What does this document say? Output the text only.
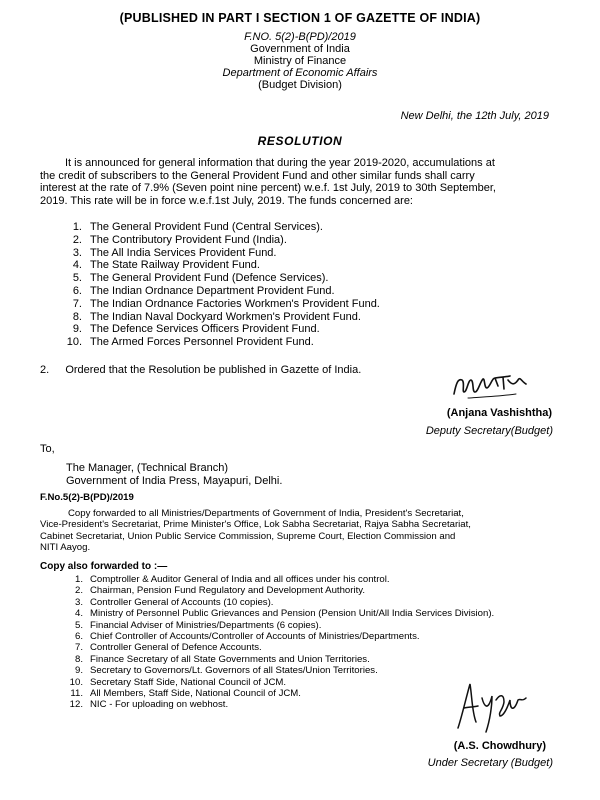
(PUBLISHED IN PART I SECTION 1 OF GAZETTE OF INDIA)
F.NO. 5(2)-B(PD)/2019
Government of India
Ministry of Finance
Department of Economic Affairs
(Budget Division)
New Delhi, the 12th July, 2019
RESOLUTION
It is announced for general information that during the year 2019-2020, accumulations at
the credit of subscribers to the General Provident Fund and other similar funds shall carry
interest at the rate of 7.9% (Seven point nine percent) w.e.f. 1st July, 2019 to 30th September,
2019. This rate will be in force w.e.f.1st July, 2019. The funds concerned are:
1. The General Provident Fund (Central Services).
2. The Contributory Provident Fund (India).
3. The All India Services Provident Fund.
4. The State Railway Provident Fund.
5. The General Provident Fund (Defence Services).
6. The Indian Ordnance Department Provident Fund.
7. The Indian Ordnance Factories Workmen's Provident Fund.
8. The Indian Naval Dockyard Workmen's Provident Fund.
9. The Defence Services Officers Provident Fund.
10. The Armed Forces Personnel Provident Fund.
2. Ordered that the Resolution be published in Gazette of India.
(Anjana Vashishtha)
Deputy Secretary(Budget)
To,
The Manager, (Technical Branch)
Government of India Press, Mayapuri, Delhi.
F.No.5(2)-B(PD)/2019
Copy forwarded to all Ministries/Departments of Government of India, President's Secretariat,
Vice-President's Secretariat, Prime Minister's Office, Lok Sabha Secretariat, Rajya Sabha Secretariat,
Cabinet Secretariat, Union Public Service Commission, Supreme Court, Election Commission and
NITI Aayog.
Copy also forwarded to :—
1. Comptroller & Auditor General of India and all offices under his control.
2. Chairman, Pension Fund Regulatory and Development Authority.
3. Controller General of Accounts (10 copies).
4. Ministry of Personnel Public Grievances and Pension (Pension Unit/All India Services Division).
5. Financial Adviser of Ministries/Departments (6 copies).
6. Chief Controller of Accounts/Controller of Accounts of Ministries/Departments.
7. Controller General of Defence Accounts.
8. Finance Secretary of all State Governments and Union Territories.
9. Secretary to Governors/Lt. Governors of all States/Union Territories.
10. Secretary Staff Side, National Council of JCM.
11. All Members, Staff Side, National Council of JCM.
12. NIC - For uploading on webhost.
(A.S. Chowdhury)
Under Secretary (Budget)
